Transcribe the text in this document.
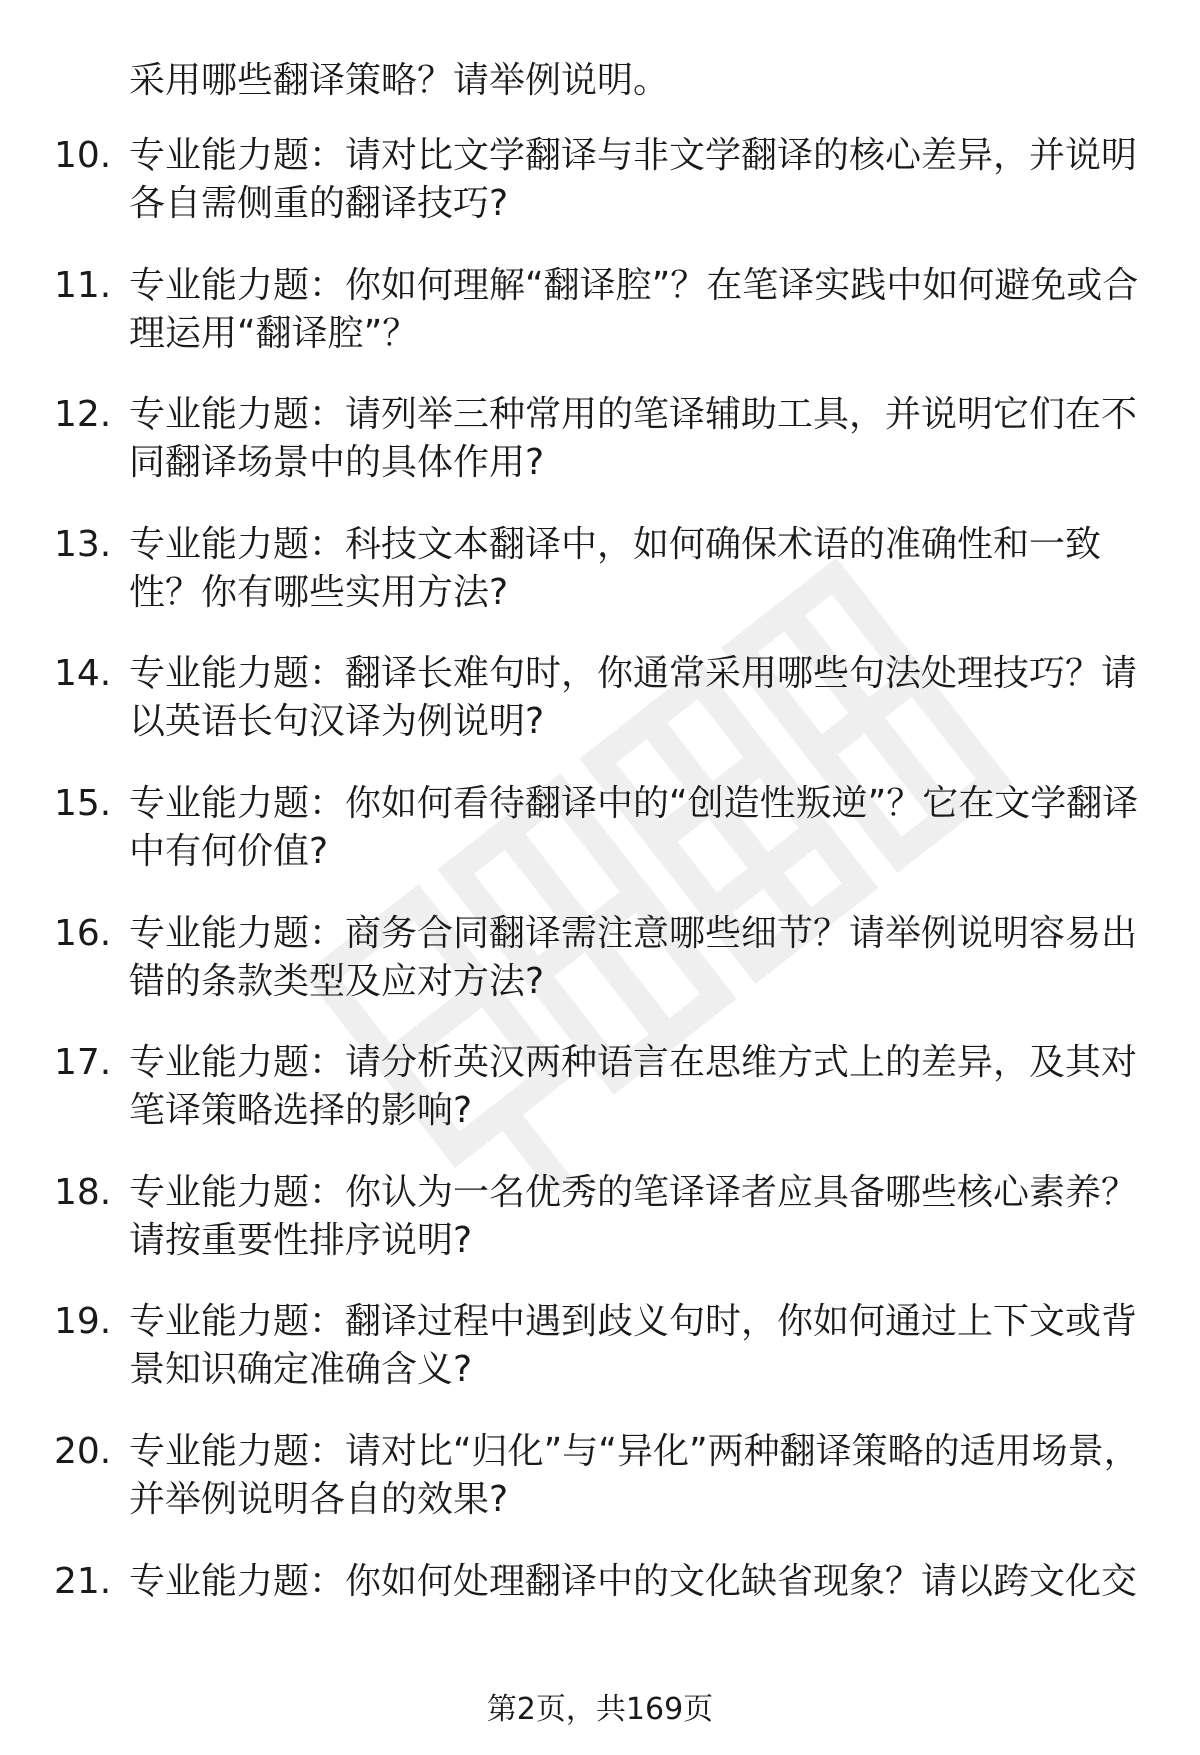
采用哪些翻译策略？请举例说明。

10. 专业能力题：请对比文学翻译与非文学翻译的核心差异，并说明各自需侧重的翻译技巧?

11. 专业能力题：你如何理解“翻译腔”？在笔译实践中如何避免或合理运用“翻译腔”？

12. 专业能力题：请列举三种常用的笔译辅助工具，并说明它们在不同翻译场景中的具体作用?

13. 专业能力题：科技文本翻译中，如何确保术语的准确性和一致性？你有哪些实用方法?

14. 专业能力题：翻译长难句时，你通常采用哪些句法处理技巧？请以英语长句汉译为例说明?

15. 专业能力题：你如何看待翻译中的“创造性叛逆”？它在文学翻译中有何价值?

16. 专业能力题：商务合同翻译需注意哪些细节？请举例说明容易出错的条款类型及应对方法?

17. 专业能力题：请分析英汉两种语言在思维方式上的差异，及其对笔译策略选择的影响?

18. 专业能力题：你认为一名优秀的笔译译者应具备哪些核心素养？请按重要性排序说明?

19. 专业能力题：翻译过程中遇到歧义句时，你如何通过上下文或背景知识确定准确含义?

20. 专业能力题：请对比“归化”与“异化”两种翻译策略的适用场景，并举例说明各自的效果?

21. 专业能力题：你如何处理翻译中的文化缺省现象？请以跨文化交

第2页，共169页
